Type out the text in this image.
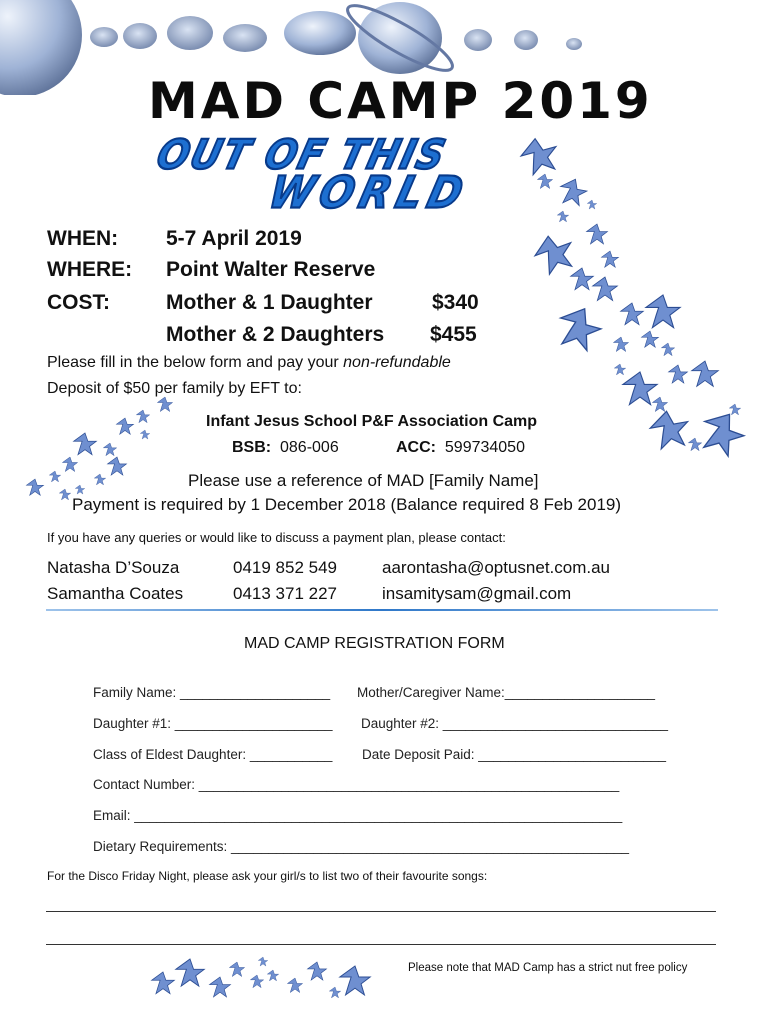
MAD CAMP 2019
OUT OF THIS
WORLD
WHEN: 5-7 April 2019
WHERE: Point Walter Reserve
COST:	Mother & 1 Daughter	$340
Mother & 2 Daughters $455
Please fill in the below form and pay your non-refundable
Deposit of $50 per family by EFT to:
Infant Jesus School P&F Association Camp
BSB: 086-006	ACC: 599734050
Please use a reference of MAD [Family Name]
Payment is required by 1 December 2018 (Balance required 8 Feb 2019)
If you have any queries or would like to discuss a payment plan, please contact:
Natasha D’Souza	0419 852 549	aarontasha@optusnet.com.au
Samantha Coates	0413 371 227	insamitysam@gmail.com
MAD CAMP REGISTRATION FORM
Family Name: ____________________ Mother/Caregiver Name:____________________
Daughter #1: _____________________ Daughter #2: ______________________________
Class of Eldest Daughter: ___________ Date Deposit Paid: _________________________
Contact Number: ________________________________________________________
Email: _________________________________________________________________
Dietary Requirements: _____________________________________________________
For the Disco Friday Night, please ask your girl/s to list two of their favourite songs:
Please note that MAD Camp has a strict nut free policy
